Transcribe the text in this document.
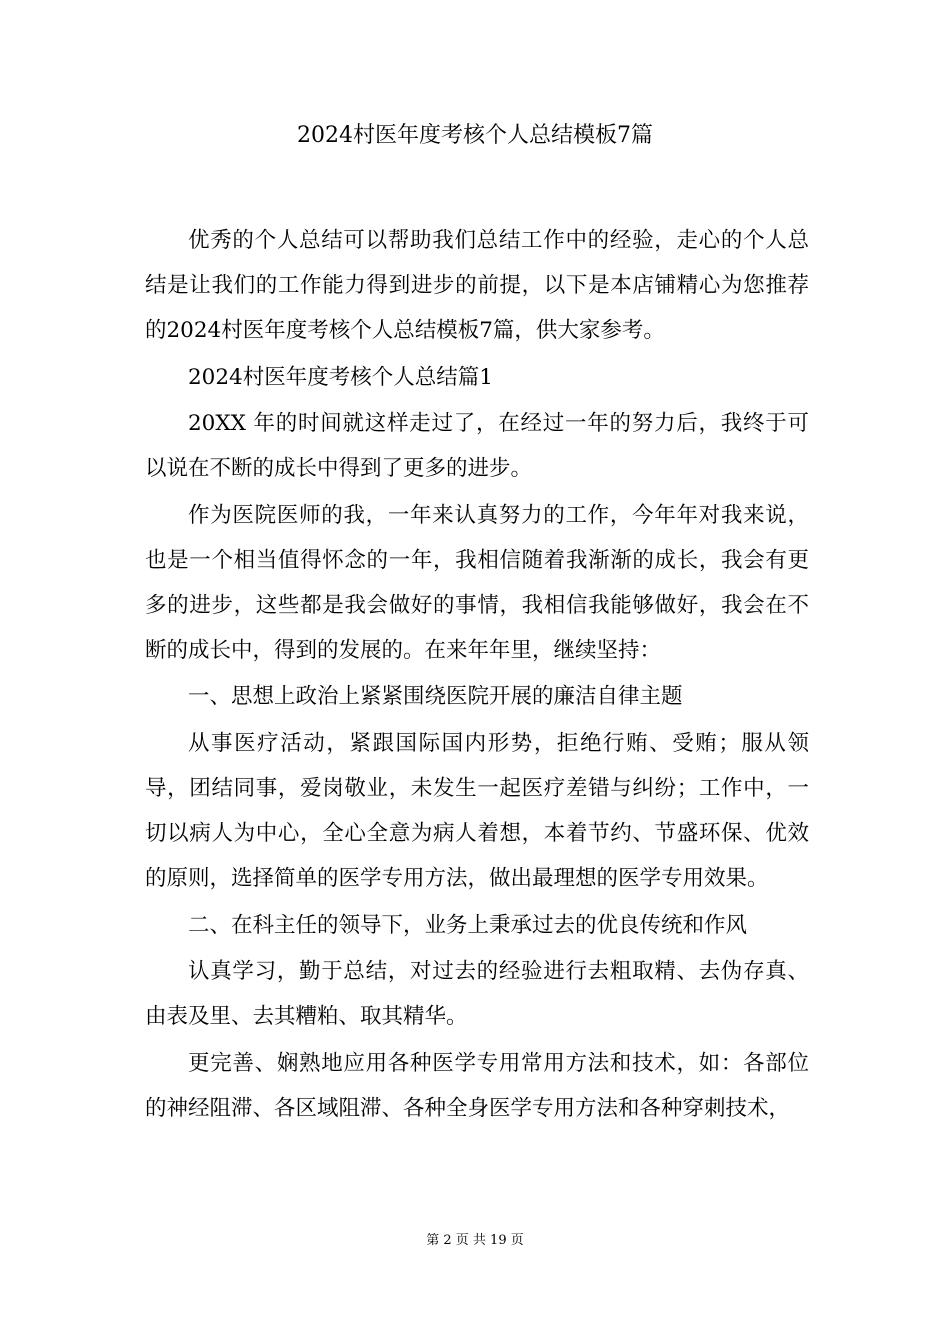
2024村医年度考核个人总结模板7篇

优秀的个人总结可以帮助我们总结工作中的经验，走心的个人总结是让我们的工作能力得到进步的前提，以下是本店铺精心为您推荐的2024村医年度考核个人总结模板7篇，供大家参考。

2024村医年度考核个人总结篇1

20XX 年的时间就这样走过了，在经过一年的努力后，我终于可以说在不断的成长中得到了更多的进步。

作为医院医师的我，一年来认真努力的工作，今年年对我来说，也是一个相当值得怀念的一年，我相信随着我渐渐的成长，我会有更多的进步，这些都是我会做好的事情，我相信我能够做好，我会在不断的成长中，得到的发展的。在来年年里，继续坚持：

一、思想上政治上紧紧围绕医院开展的廉洁自律主题

从事医疗活动，紧跟国际国内形势，拒绝行贿、受贿；服从领导，团结同事，爱岗敬业，未发生一起医疗差错与纠纷；工作中，一切以病人为中心，全心全意为病人着想，本着节约、节盛环保、优效的原则，选择简单的医学专用方法，做出最理想的医学专用效果。

二、在科主任的领导下，业务上秉承过去的优良传统和作风

认真学习，勤于总结，对过去的经验进行去粗取精、去伪存真、由表及里、去其糟粕、取其精华。

更完善、娴熟地应用各种医学专用常用方法和技术，如：各部位的神经阻滞、各区域阻滞、各种全身医学专用方法和各种穿刺技术，

第 2 页 共 19 页
